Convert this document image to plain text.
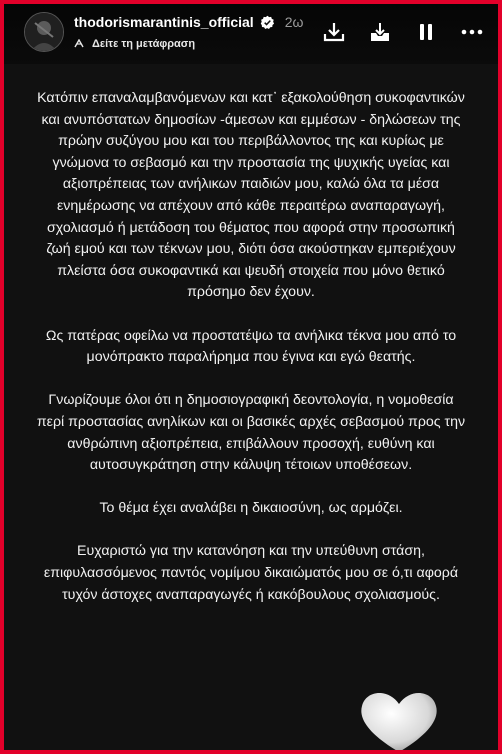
thodorismarantinis_official 2ω
Δείτε τη μετάφραση

Κατόπιν επαναλαμβανόμενων και κατ᾽ εξακολούθηση συκοφαντικών και ανυπόστατων δημοσίων -άμεσων και εμμέσων - δηλώσεων της πρώην συζύγου μου και του περιβάλλοντος της και κυρίως με γνώμονα το σεβασμό και την προστασία της ψυχικής υγείας και αξιοπρέπειας των ανήλικων παιδιών μου, καλώ όλα τα μέσα ενημέρωσης να απέχουν από κάθε περαιτέρω αναπαραγωγή, σχολιασμό ή μετάδοση του θέματος που αφορά στην προσωπική ζωή εμού και των τέκνων μου, διότι όσα ακούστηκαν εμπεριέχουν πλείστα όσα συκοφαντικά και ψευδή στοιχεία που μόνο θετικό πρόσημο δεν έχουν.

Ως πατέρας οφείλω να προστατέψω τα ανήλικα τέκνα μου από το μονόπρακτο παραλήρημα που έγινα και εγώ θεατής.

Γνωρίζουμε όλοι ότι η δημοσιογραφική δεοντολογία, η νομοθεσία περί προστασίας ανηλίκων και οι βασικές αρχές σεβασμού προς την ανθρώπινη αξιοπρέπεια, επιβάλλουν προσοχή, ευθύνη και αυτοσυγκράτηση στην κάλυψη τέτοιων υποθέσεων.

Το θέμα έχει αναλάβει η δικαιοσύνη, ως αρμόζει.

Ευχαριστώ για την κατανόηση και την υπεύθυνη στάση, επιφυλασσόμενος παντός νομίμου δικαιώματός μου σε ό,τι αφορά τυχόν άστοχες αναπαραγωγές ή κακόβουλους σχολιασμούς.
